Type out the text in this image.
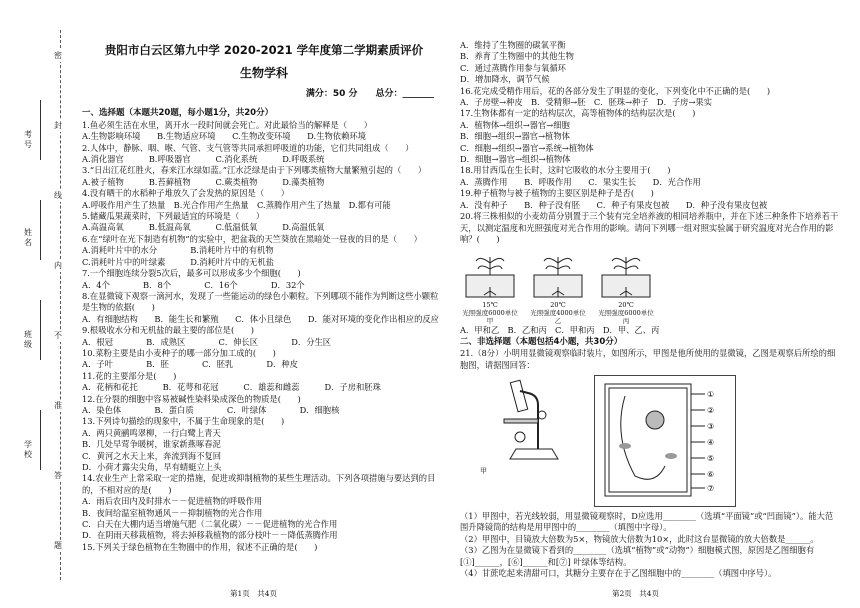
考号
姓名
班级
学校
密
封
线
内
不
准
答
题
贵阳市白云区第九中学 2020-2021 学年度第二学期素质评价
生物学科
满分：50 分　　总分：_______
一、选择题（本题共20题，每小题1分，共20分）
1.鱼必须生活在水里，离开水一段时间就会死亡。对此最恰当的解释是（　　）
A.生物影响环境　　B.生物适应环境　　C.生物改变环境　　D.生物依赖环境
2.人体中，静脉、咽、喉、气管、支气管等共同承担呼吸道的功能，它们共同组成（　　）
A.消化器官　　　B.呼吸器官　　　C.消化系统　　　D.呼吸系统
3.“日出江花红胜火，春来江水绿如蓝。”江水泛绿是由于下列哪类植物大量繁殖引起的（　　）
A.被子植物　　　B.苔藓植物　　　C.蕨类植物　　　D.藻类植物
4.没有晒干的水稻种子堆放久了会发热的原因是（　　）
A.呼吸作用产生了热量　B.光合作用产生热量　C.蒸腾作用产生了热量　D.都有可能
5.储藏瓜果蔬菜时，下列最适宜的环境是（　　）
A.高温高氧　　　B.低温高氧　　　C.低温低氧　　　D.高温低氧
6.在“绿叶在光下制造有机物”的实验中，把盆栽的天竺葵放在黑暗处一昼夜的目的是（　　）
A.消耗叶片中的水分　　　　B.消耗叶片中的有机物
C.消耗叶片中的叶绿素　　　D.消耗叶片中的无机盐
7.一个细胞连续分裂5次后，最多可以形成多少个细胞(　　)
A．4个　　　　B．8个　　　　C．16个　　　　D．32个
8.在显微镜下观察一滴河水，发现了一些能运动的绿色小颗粒。下列哪项不能作为判断这些小颗粒是生物的依据(　　)
A．有细胞结构　　B．能生长和繁殖　　C．体小且绿色　　D．能对环境的变化作出相应的反应
9.根吸收水分和无机盐的最主要的部位是(　　)
A．根冠　　　　B．成熟区　　　　C．伸长区　　　　D．分生区
10.菜粉主要是由小麦种子的哪一部分加工成的(　　)
A．子叶　　　　B．胚　　　　C．胚乳　　　　D．种皮
11.花的主要部分是(　　)
A．花柄和花托　　　B．花萼和花冠　　　C．雄蕊和雌蕊　　　D．子房和胚珠
12.在分裂的细胞中容易被碱性染料染成深色的物质是(　　)
A．染色体　　　　B．蛋白质　　　　C．叶绿体　　　　D．细胞核
13.下列诗句描绘的现象中，不属于生命现象的是(　　)
A．两只黄鹂鸣翠柳，一行白鹭上青天
B．几处早莺争暖树，谁家新燕啄春泥
C．黄河之水天上来，奔流到海不复回
D．小荷才露尖尖角，早有蜻蜓立上头
14.农业生产上常采取一定的措施，促进或抑制植物的某些生理活动。下列各项措施与要达到的目的，不相对应的是(　　)
A．雨后农田内及时排水－－促进植物的呼吸作用
B．夜间给温室植物通风－－抑制植物的光合作用
C．白天在大棚内适当增施气肥（二氧化碳）－－促进植物的光合作用
D．在阴雨天移栽植物，将去掉移栽植物的部分枝叶－－降低蒸腾作用
15.下列关于绿色植物在生物圈中的作用，叙述不正确的是(　　)
第1页　共4页
A．维持了生物圈的碳氧平衡
B．养育了生物圈中的其他生物
C．通过蒸腾作用参与氧循环
D．增加降水，调节气候
16.花完成受精作用后，花的各部分发生了明显的变化，下列变化中不正确的是(　　)
A．子房壁→种皮　B．受精卵→胚　C．胚珠→种子　D．子房→果实
17.生物体都有一定的结构层次，高等植物体的结构层次是(　　)
A．植物体→组织→器官→细胞
B．细胞→组织→器官→植物体
C．细胞→组织→器官→系统→植物体
D．细胞→器官→组织→植物体
18.用甘西瓜在生长时，这时它吸收的水分主要用于(　　)
A．蒸腾作用　　B．呼吸作用　　C．果实生长　　D．光合作用
19.种子植物与被子植物的主要区别是种子是否(　　)
A．没有种子　　B．种子没有胚　　C．种子有果皮包被　　D．种子没有果皮包被
20.将三株相似的小麦幼苗分别置于三个装有完全培养液的相同培养瓶中，并在下述三种条件下培养若干天，以测定温度和光照强度对光合作用的影响。请问下列哪一组对照实验属于研究温度对光合作用的影响？(　　)
15℃
光照强度6000单位
甲
20℃
光照强度4000单位
乙
20℃
光照强度6000单位
丙
A．甲和乙　B．乙和丙　C．甲和丙　D．甲、乙、丙
二、非选择题（本题包括4小题，共30分）
21.（8分）小明用显微镜观察临时装片，如图所示，甲图是他所使用的显微镜，乙图是观察后所绘的细胞图，请据图回答：
甲
①
②
③
④
⑤
⑥
⑦
（1）甲图中，若光线较弱，用显微镜观察时，D应选用________（选填“平面镜”或“凹面镜”）。能大范围升降镜筒的结构是用甲图中的________（填图中字母）。
（2）甲图中，目镜放大倍数为5×，物镜放大倍数为10×，此时这台显微镜的放大倍数是______。
（3）乙图为在显微镜下看到的________（选填“植物”或“动物”）细胞模式图，原因是乙图细胞有[①]______，[⑥]______和[⑦] 叶绿体等结构。
（4）甘蔗吃起来清甜可口，其糖分主要存在于乙图细胞中的________（填图中序号）。
第2页　共4页
